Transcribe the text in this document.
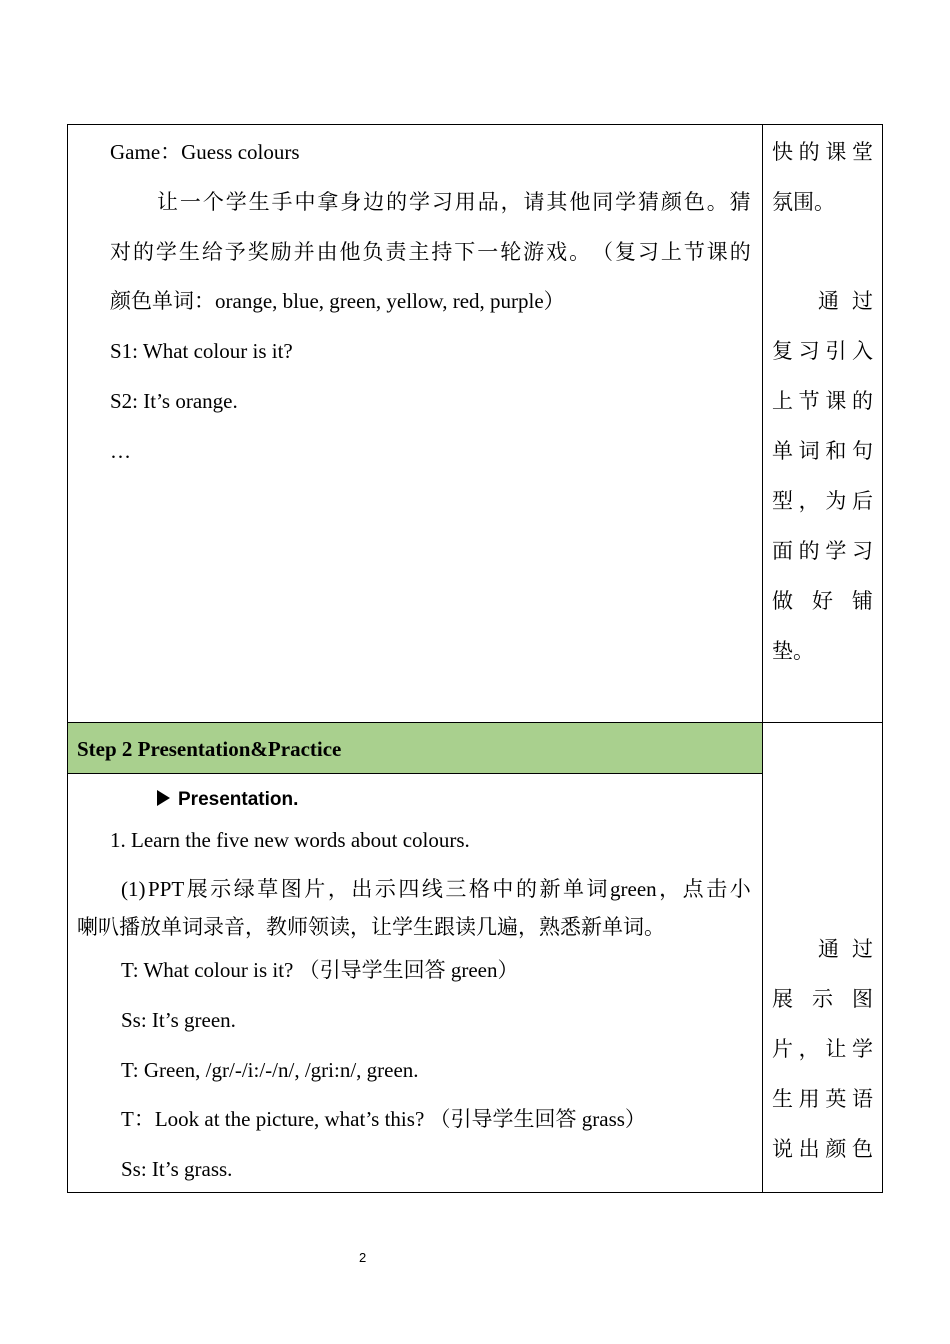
Game：Guess colours
让 一 个 学 生 手 中 拿 身 边 的 学 习 用 品 ， 请 其 他 同 学 猜 颜 色 。 猜
对 的 学 生 给 予 奖 励 并 由 他 负 责 主 持 下 一 轮 游 戏 。 （ 复 习 上 节 课 的
颜色单词：orange, blue, green, yellow, red, purple）
S1: What colour is it?
S2: It’s orange.
…
快 的 课 堂
氛围。
通 过
复 习 引 入
上 节 课 的
单 词 和 句
型 ， 为 后
面 的 学 习
做 好 铺
垫。
Step 2 Presentation&Practice
Presentation.
1. Learn the five new words about colours.
(1) PPT 展 示 绿 草 图 片 ， 出 示 四 线 三 格 中 的 新 单 词 green ， 点 击 小
喇叭播放单词录音，教师领读，让学生跟读几遍，熟悉新单词。
T: What colour is it? （引导学生回答 green）
Ss: It’s green.
T: Green, /gr/-/i:/-/n/, /gri:n/, green.
T：Look at the picture, what’s this? （引导学生回答 grass）
Ss: It’s grass.
通 过
展 示 图
片 ， 让 学
生 用 英 语
说 出 颜 色
2
